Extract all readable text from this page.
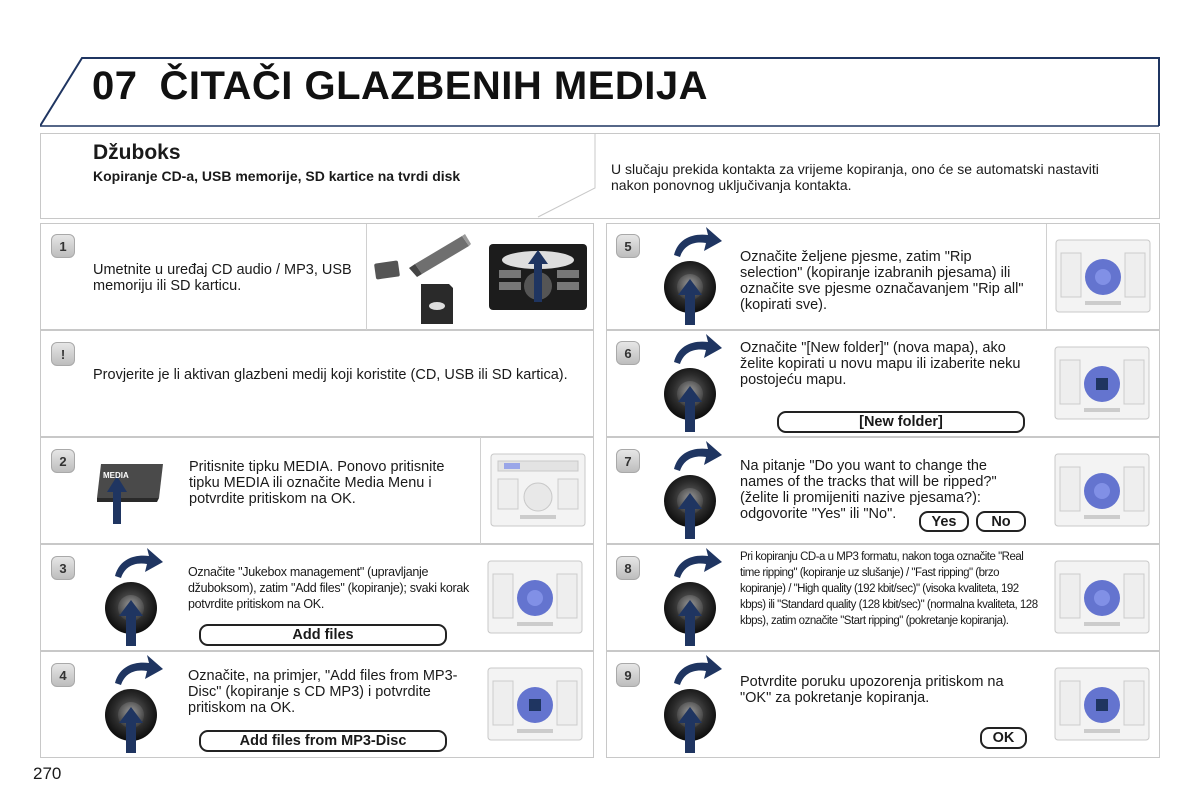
07 ČITAČI GLAZBENIH MEDIJA
Džuboks
Kopiranje CD-a, USB memorije, SD kartice na tvrdi disk	U slučaju prekida kontakta za vrijeme kopiranja, ono će se automatski nastaviti nakon ponovnog uključivanja kontakta.
1
Umetnite u uređaj CD audio / MP3, USB memoriju ili SD karticu.
!
Provjerite je li aktivan glazbeni medij koji koristite (CD, USB ili SD kartica).
2
MEDIA
Pritisnite tipku MEDIA. Ponovo pritisnite tipku MEDIA ili označite Media Menu i potvrdite pritiskom na OK.
3	Označite "Jukebox management" (upravljanje džuboksom), zatim "Add files" (kopiranje); svaki korak potvrdite pritiskom na OK.
Add files
4	Označite, na primjer, "Add files from MP3-Disc" (kopiranje s CD MP3) i potvrdite pritiskom na OK.
Add files from MP3-Disc
5
Označite željene pjesme, zatim "Rip selection" (kopiranje izabranih pjesama) ili označite sve pjesme označavanjem "Rip all" (kopirati sve).
6	Označite "[New folder]" (nova mapa), ako želite kopirati u novu mapu ili izaberite neku postojeću mapu.
[New folder]
7	Na pitanje "Do you want to change the names of the tracks that will be ripped?" (želite li promijeniti nazive pjesama?): odgovorite "Yes" ili "No".	Yes	No
8
Pri kopiranju CD-a u MP3 formatu, nakon toga označite "Real time ripping" (kopiranje uz slušanje) / "Fast ripping" (brzo kopiranje) / "High quality (192 kbit/sec)" (visoka kvaliteta, 192 kbps) ili "Standard quality (128 kbit/sec)" (normalna kvaliteta, 128 kbps), zatim označite "Start ripping" (pokretanje kopiranja).
9	Potvrdite poruku upozorenja pritiskom na "OK" za pokretanje kopiranja.
OK
270
